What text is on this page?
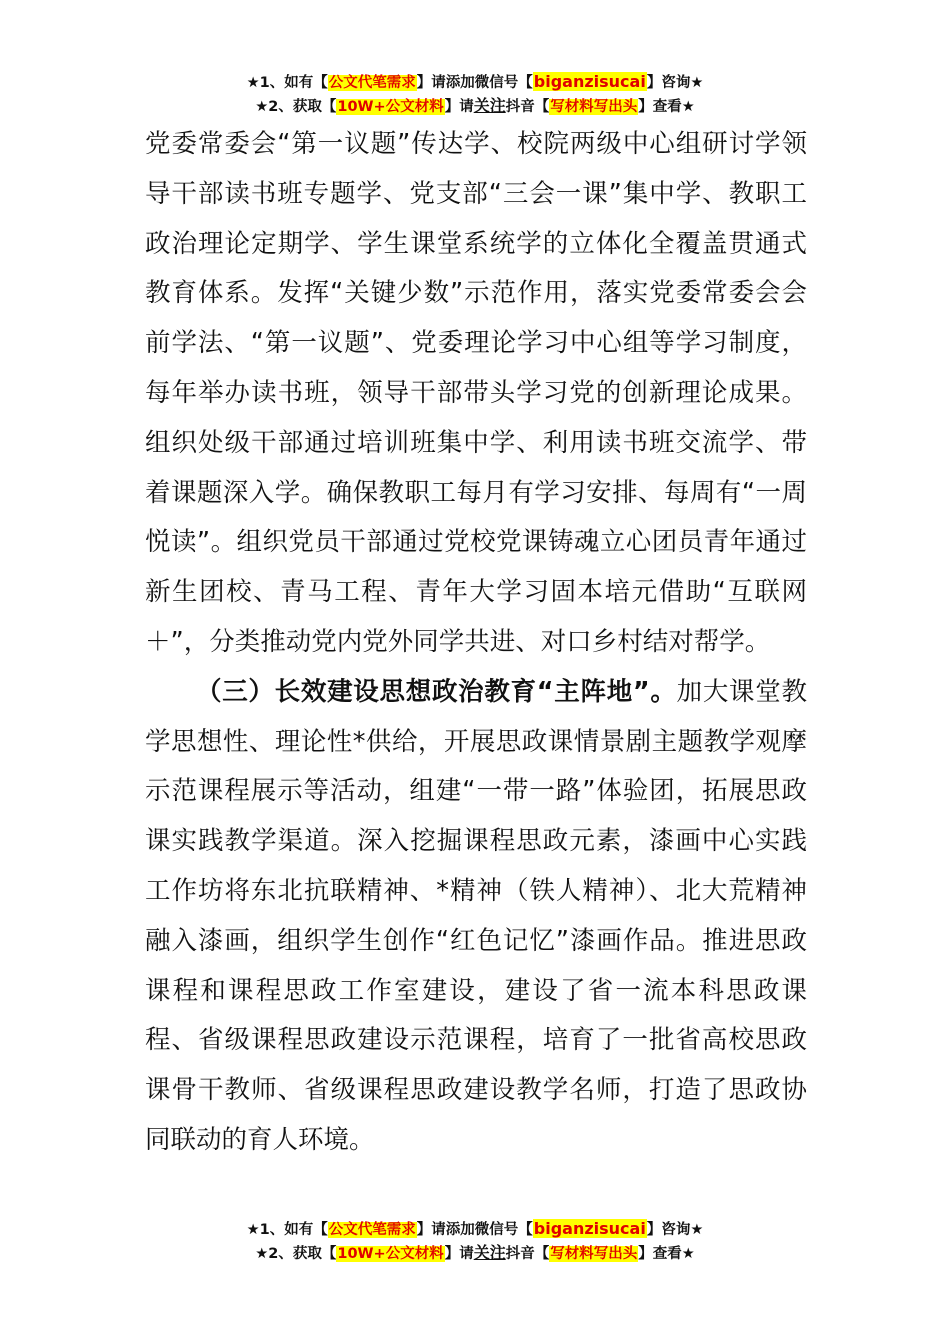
★1、如有【公文代笔需求】请添加微信号【biganzisucai】咨询★
★2、获取【10W+公文材料】请关注抖音【写材料写出头】查看★

党委常委会“第一议题”传达学、校院两级中心组研讨学领导干部读书班专题学、党支部“三会一课”集中学、教职工政治理论定期学、学生课堂系统学的立体化全覆盖贯通式教育体系。发挥“关键少数”示范作用，落实党委常委会会前学法、“第一议题”、党委理论学习中心组等学习制度，每年举办读书班，领导干部带头学习党的创新理论成果。组织处级干部通过培训班集中学、利用读书班交流学、带着课题深入学。确保教职工每月有学习安排、每周有“一周悦读”。组织党员干部通过党校党课铸魂立心团员青年通过新生团校、青马工程、青年大学习固本培元借助“互联网＋”，分类推动党内党外同学共进、对口乡村结对帮学。

（三）长效建设思想政治教育“主阵地”。加大课堂教学思想性、理论性*供给，开展思政课情景剧主题教学观摩示范课程展示等活动，组建“一带一路”体验团，拓展思政课实践教学渠道。深入挖掘课程思政元素，漆画中心实践工作坊将东北抗联精神、*精神（铁人精神）、北大荒精神融入漆画，组织学生创作“红色记忆”漆画作品。推进思政课程和课程思政工作室建设，建设了省一流本科思政课程、省级课程思政建设示范课程，培育了一批省高校思政课骨干教师、省级课程思政建设教学名师，打造了思政协同联动的育人环境。

★1、如有【公文代笔需求】请添加微信号【biganzisucai】咨询★
★2、获取【10W+公文材料】请关注抖音【写材料写出头】查看★
